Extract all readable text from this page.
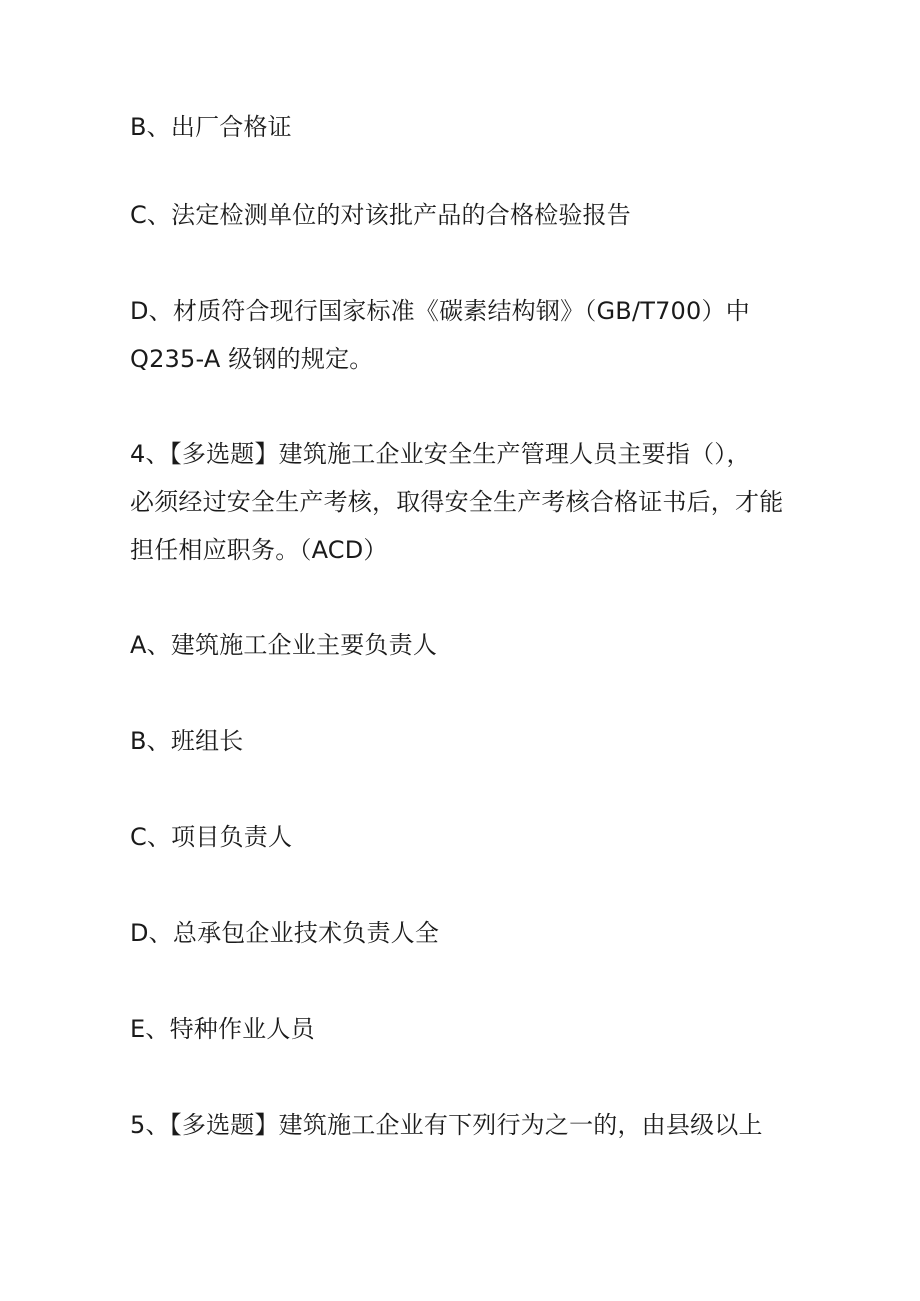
B、出厂合格证
C、法定检测单位的对该批产品的合格检验报告
D、材质符合现行国家标准《碳素结构钢》（GB/T700）中
Q235-A 级钢的规定。
4、【多选题】建筑施工企业安全生产管理人员主要指（），
必须经过安全生产考核，取得安全生产考核合格证书后，才能
担任相应职务。（ACD）
A、建筑施工企业主要负责人
B、班组长
C、项目负责人
D、总承包企业技术负责人全
E、特种作业人员
5、【多选题】建筑施工企业有下列行为之一的，由县级以上
